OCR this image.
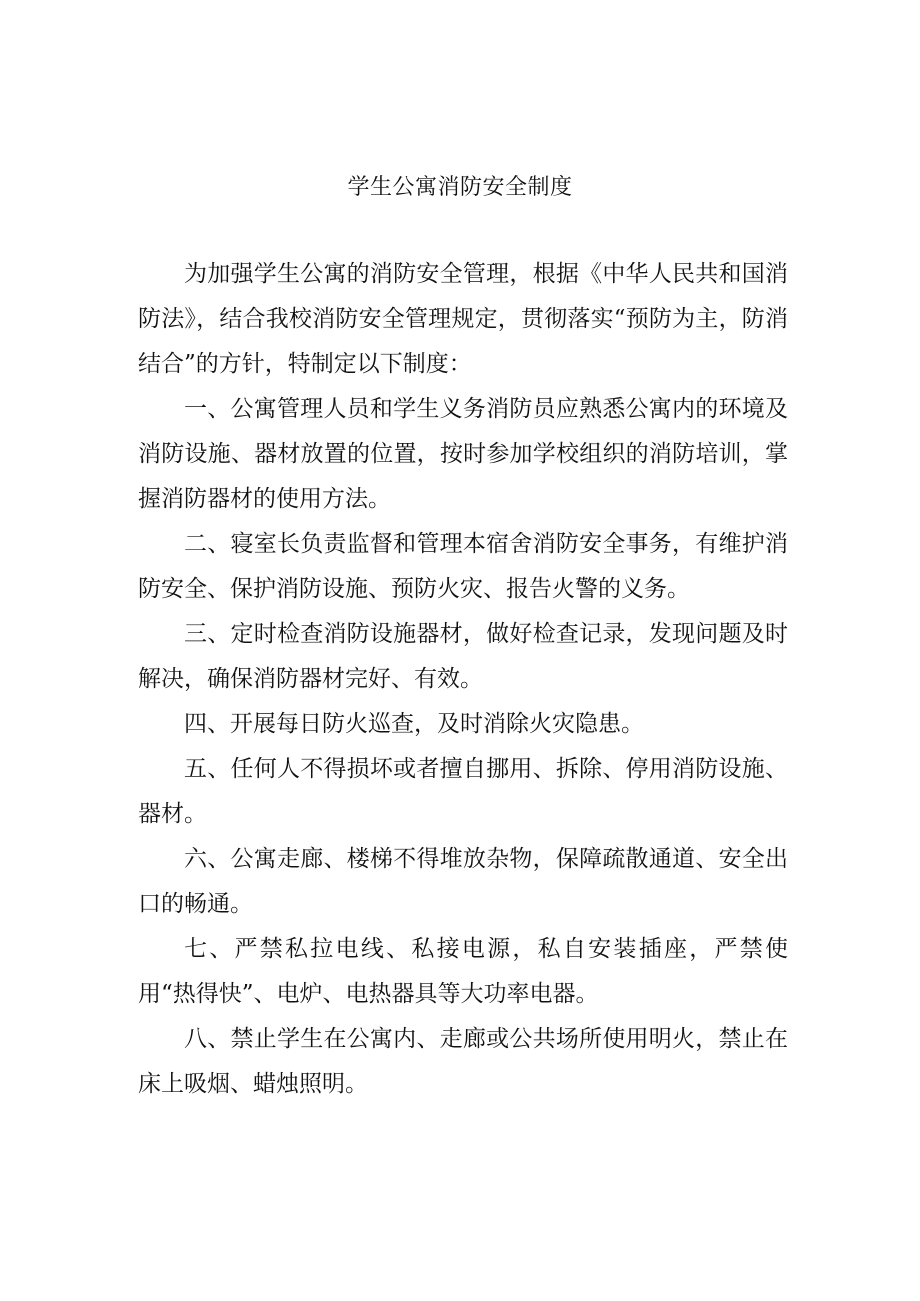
学生公寓消防安全制度

为加强学生公寓的消防安全管理，根据《中华人民共和国消防法》，结合我校消防安全管理规定，贯彻落实“预防为主，防消结合”的方针，特制定以下制度：

一、公寓管理人员和学生义务消防员应熟悉公寓内的环境及消防设施、器材放置的位置，按时参加学校组织的消防培训，掌握消防器材的使用方法。

二、寝室长负责监督和管理本宿舍消防安全事务，有维护消防安全、保护消防设施、预防火灾、报告火警的义务。

三、定时检查消防设施器材，做好检查记录，发现问题及时解决，确保消防器材完好、有效。

四、开展每日防火巡查，及时消除火灾隐患。

五、任何人不得损坏或者擅自挪用、拆除、停用消防设施、器材。

六、公寓走廊、楼梯不得堆放杂物，保障疏散通道、安全出口的畅通。

七、严禁私拉电线、私接电源，私自安装插座，严禁使用“热得快”、电炉、电热器具等大功率电器。

八、禁止学生在公寓内、走廊或公共场所使用明火，禁止在床上吸烟、蜡烛照明。
